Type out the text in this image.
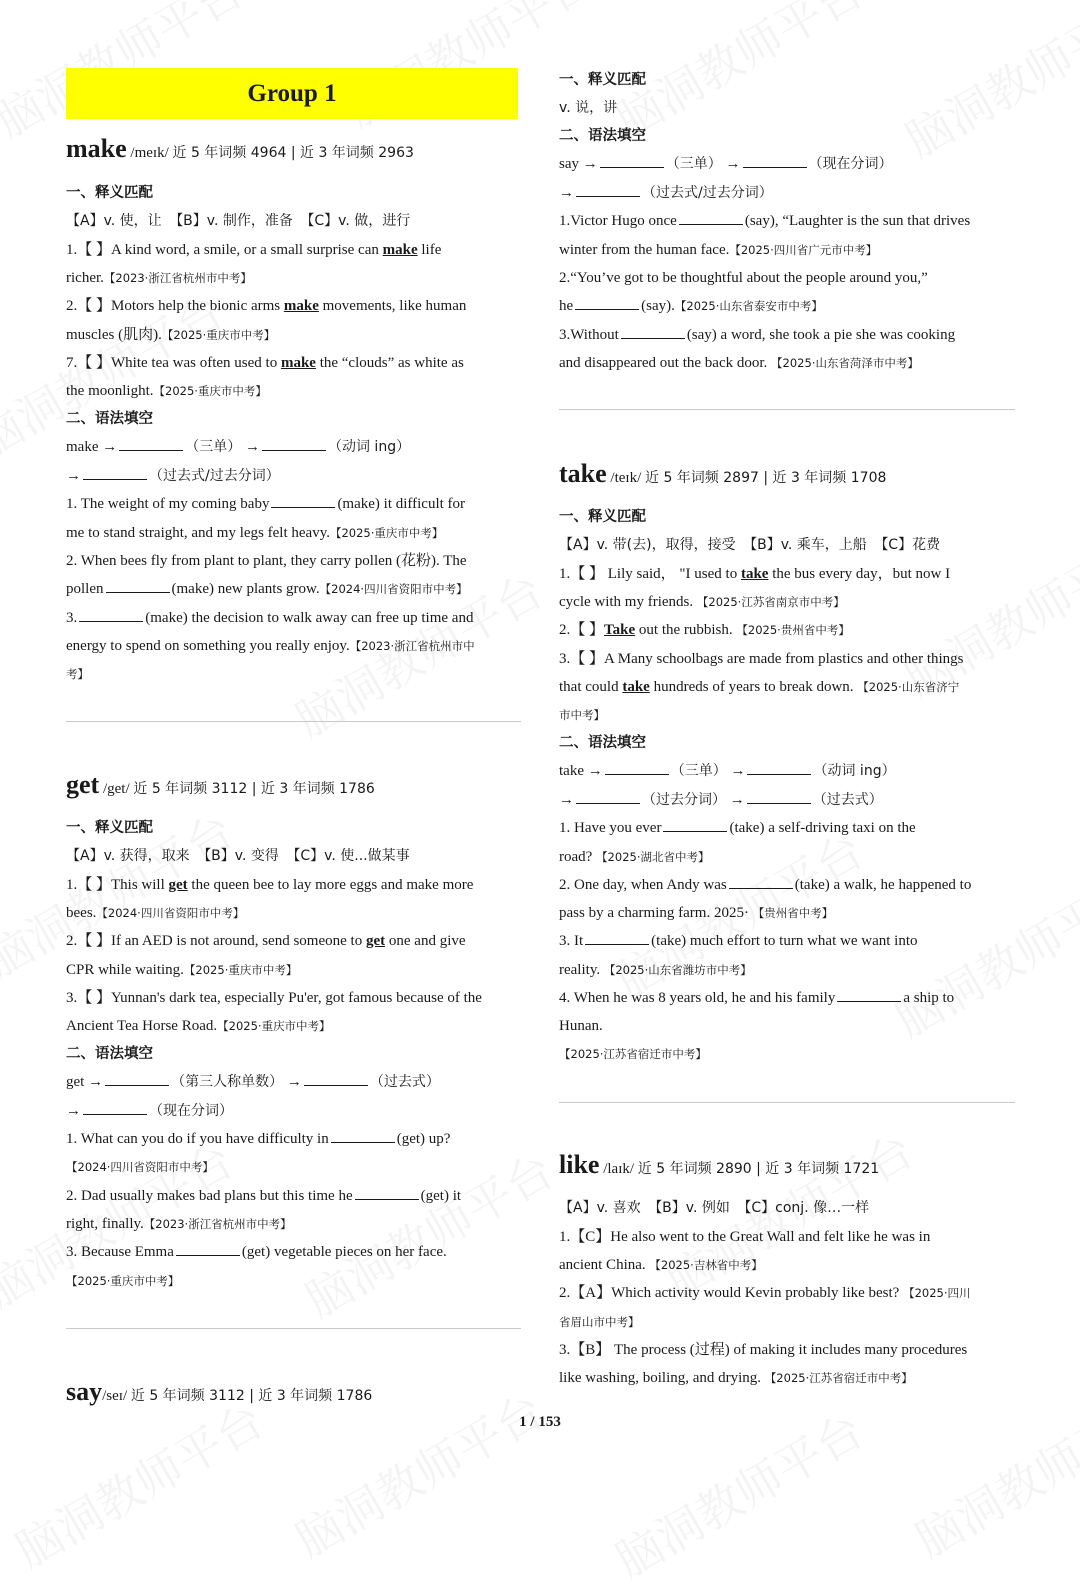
Group 1
make /meɪk/ 近 5 年词频 4964 | 近 3 年词频 2963
一、释义匹配
【A】v. 使，让 【B】v. 制作，准备 【C】v. 做，进行
1.【 】A kind word, a smile, or a small surprise can make life
richer.【2023·浙江省杭州市中考】
2.【 】Motors help the bionic arms make movements, like human
muscles (肌肉).【2025·重庆市中考】
7.【 】White tea was often used to make the “clouds” as white as
the moonlight.【2025·重庆市中考】
二、语法填空
make →	（三单） →	（动词 ing）
→	（过去式/过去分词）
1. The weight of my coming baby	(make) it difficult for
me to stand straight, and my legs felt heavy.【2025·重庆市中考】
2. When bees fly from plant to plant, they carry pollen (花粉). The
pollen	(make) new plants grow.【2024·四川省资阳市中考】
3.	(make) the decision to walk away can free up time and
energy to spend on something you really enjoy.【2023·浙江省杭州市中
考】
get /get/ 近 5 年词频 3112 | 近 3 年词频 1786
一、释义匹配
【A】v. 获得，取来 【B】v. 变得 【C】v. 使...做某事
1.【 】This will get the queen bee to lay more eggs and make more
bees.【2024·四川省资阳市中考】
2.【 】If an AED is not around, send someone to get one and give
CPR while waiting.【2025·重庆市中考】
3.【 】Yunnan's dark tea, especially Pu'er, got famous because of the
Ancient Tea Horse Road.【2025·重庆市中考】
二、语法填空
get →	（第三人称单数） →	（过去式）
→	（现在分词）
1. What can you do if you have difficulty in	(get) up?
【2024·四川省资阳市中考】
2. Dad usually makes bad plans but this time he	(get) it
right, finally.【2023·浙江省杭州市中考】
3. Because Emma	(get) vegetable pieces on her face.
【2025·重庆市中考】
say/seɪ/ 近 5 年词频 3112 | 近 3 年词频 1786
一、释义匹配
v. 说，讲
二、语法填空
say →	（三单） →	（现在分词）
→	（过去式/过去分词）
1.Victor Hugo once	(say), “Laughter is the sun that drives
winter from the human face.【2025·四川省广元市中考】
2.“You’ve got to be thoughtful about the people around you,”
he	(say).【2025·山东省泰安市中考】
3.Without	(say) a word, she took a pie she was cooking
and disappeared out the back door. 【2025·山东省菏泽市中考】
take /teɪk/ 近 5 年词频 2897 | 近 3 年词频 1708
一、释义匹配
【A】v. 带(去)，取得，接受 【B】v. 乘车，上船 【C】花费
1.【 】 Lily said， "I used to take the bus every day，but now I
cycle with my friends. 【2025·江苏省南京市中考】
2.【 】Take out the rubbish. 【2025·贵州省中考】
3.【 】A Many schoolbags are made from plastics and other things
that could take hundreds of years to break down. 【2025·山东省济宁
市中考】
二、语法填空
take →	（三单） →	（动词 ing）
→	（过去分词） →	（过去式）
1. Have you ever	(take) a self-driving taxi on the
road? 【2025·湖北省中考】
2. One day, when Andy was	(take) a walk, he happened to
pass by a charming farm. 2025· 【贵州省中考】
3. It	(take) much effort to turn what we want into
reality. 【2025·山东省潍坊市中考】
4. When he was 8 years old, he and his family	a ship to
Hunan.
【2025·江苏省宿迁市中考】
like /laɪk/ 近 5 年词频 2890 | 近 3 年词频 1721
【A】v. 喜欢 【B】v. 例如 【C】conj. 像…一样
1.【C】He also went to the Great Wall and felt like he was in
ancient China. 【2025·吉林省中考】
2.【A】Which activity would Kevin probably like best? 【2025·四川
省眉山市中考】
3.【B】 The process (过程) of making it includes many procedures
like washing, boiling, and drying. 【2025·江苏省宿迁市中考】
1 / 153
